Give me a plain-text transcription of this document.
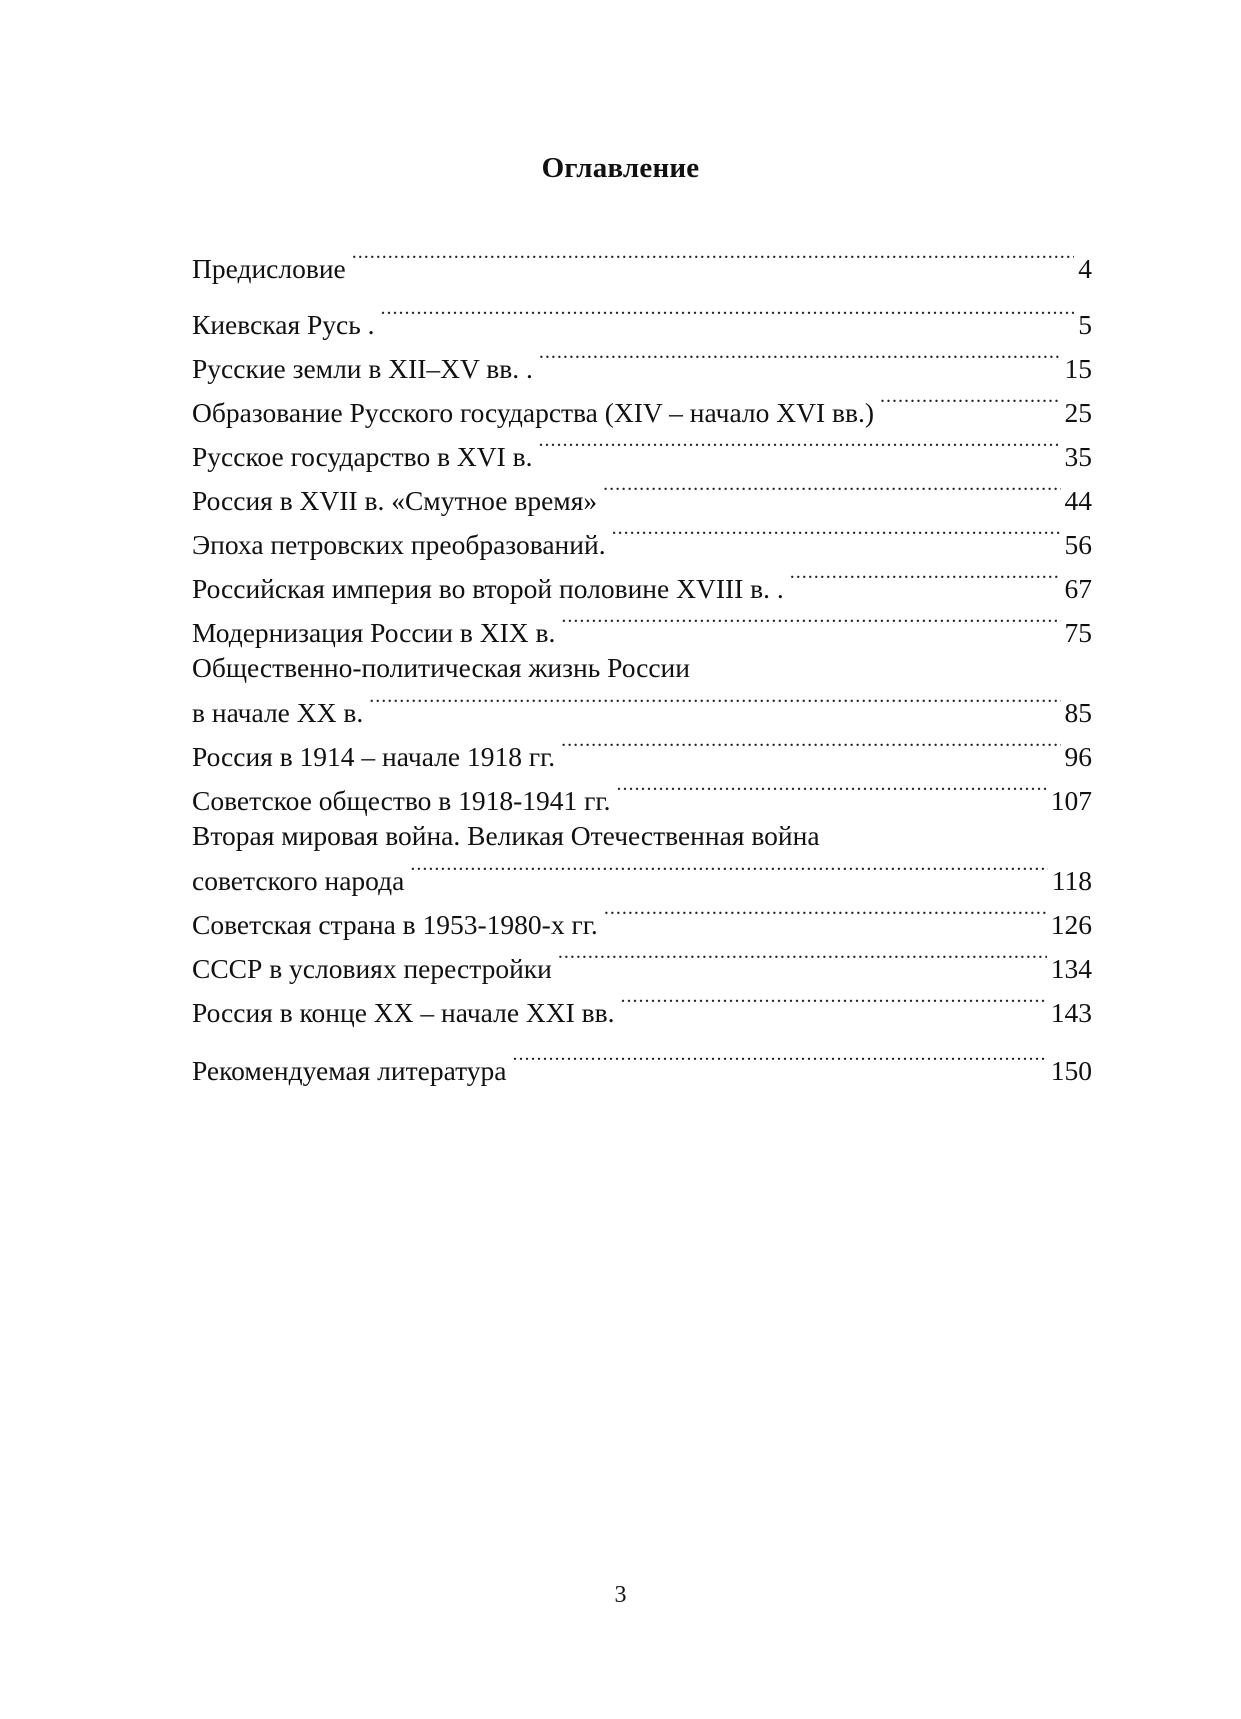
Оглавление
Предисловие .....	4
Киевская Русь . .....	5
Русские земли в XII–XV вв. . .....	15
Образование Русского государства (XIV – начало XVI вв.) .....	25
Русское государство в XVI в. .....	35
Россия в XVII в. «Смутное время» .....	44
Эпоха петровских преобразований. .....	56
Российская империя во второй половине XVIII в. . .....	67
Модернизация России в XIX в. .....	75
Общественно-политическая жизнь России
в начале XX в. .....	85
Россия в 1914 – начале 1918 гг. .....	96
Советское общество в 1918-1941 гг. .....	107
Вторая мировая война. Великая Отечественная война
советского народа .....	118
Советская страна в 1953-1980-х гг. .....	126
СССР в условиях перестройки .....	134
Россия в конце XX – начале XXI вв. .....	143
Рекомендуемая литература .....	150
3
